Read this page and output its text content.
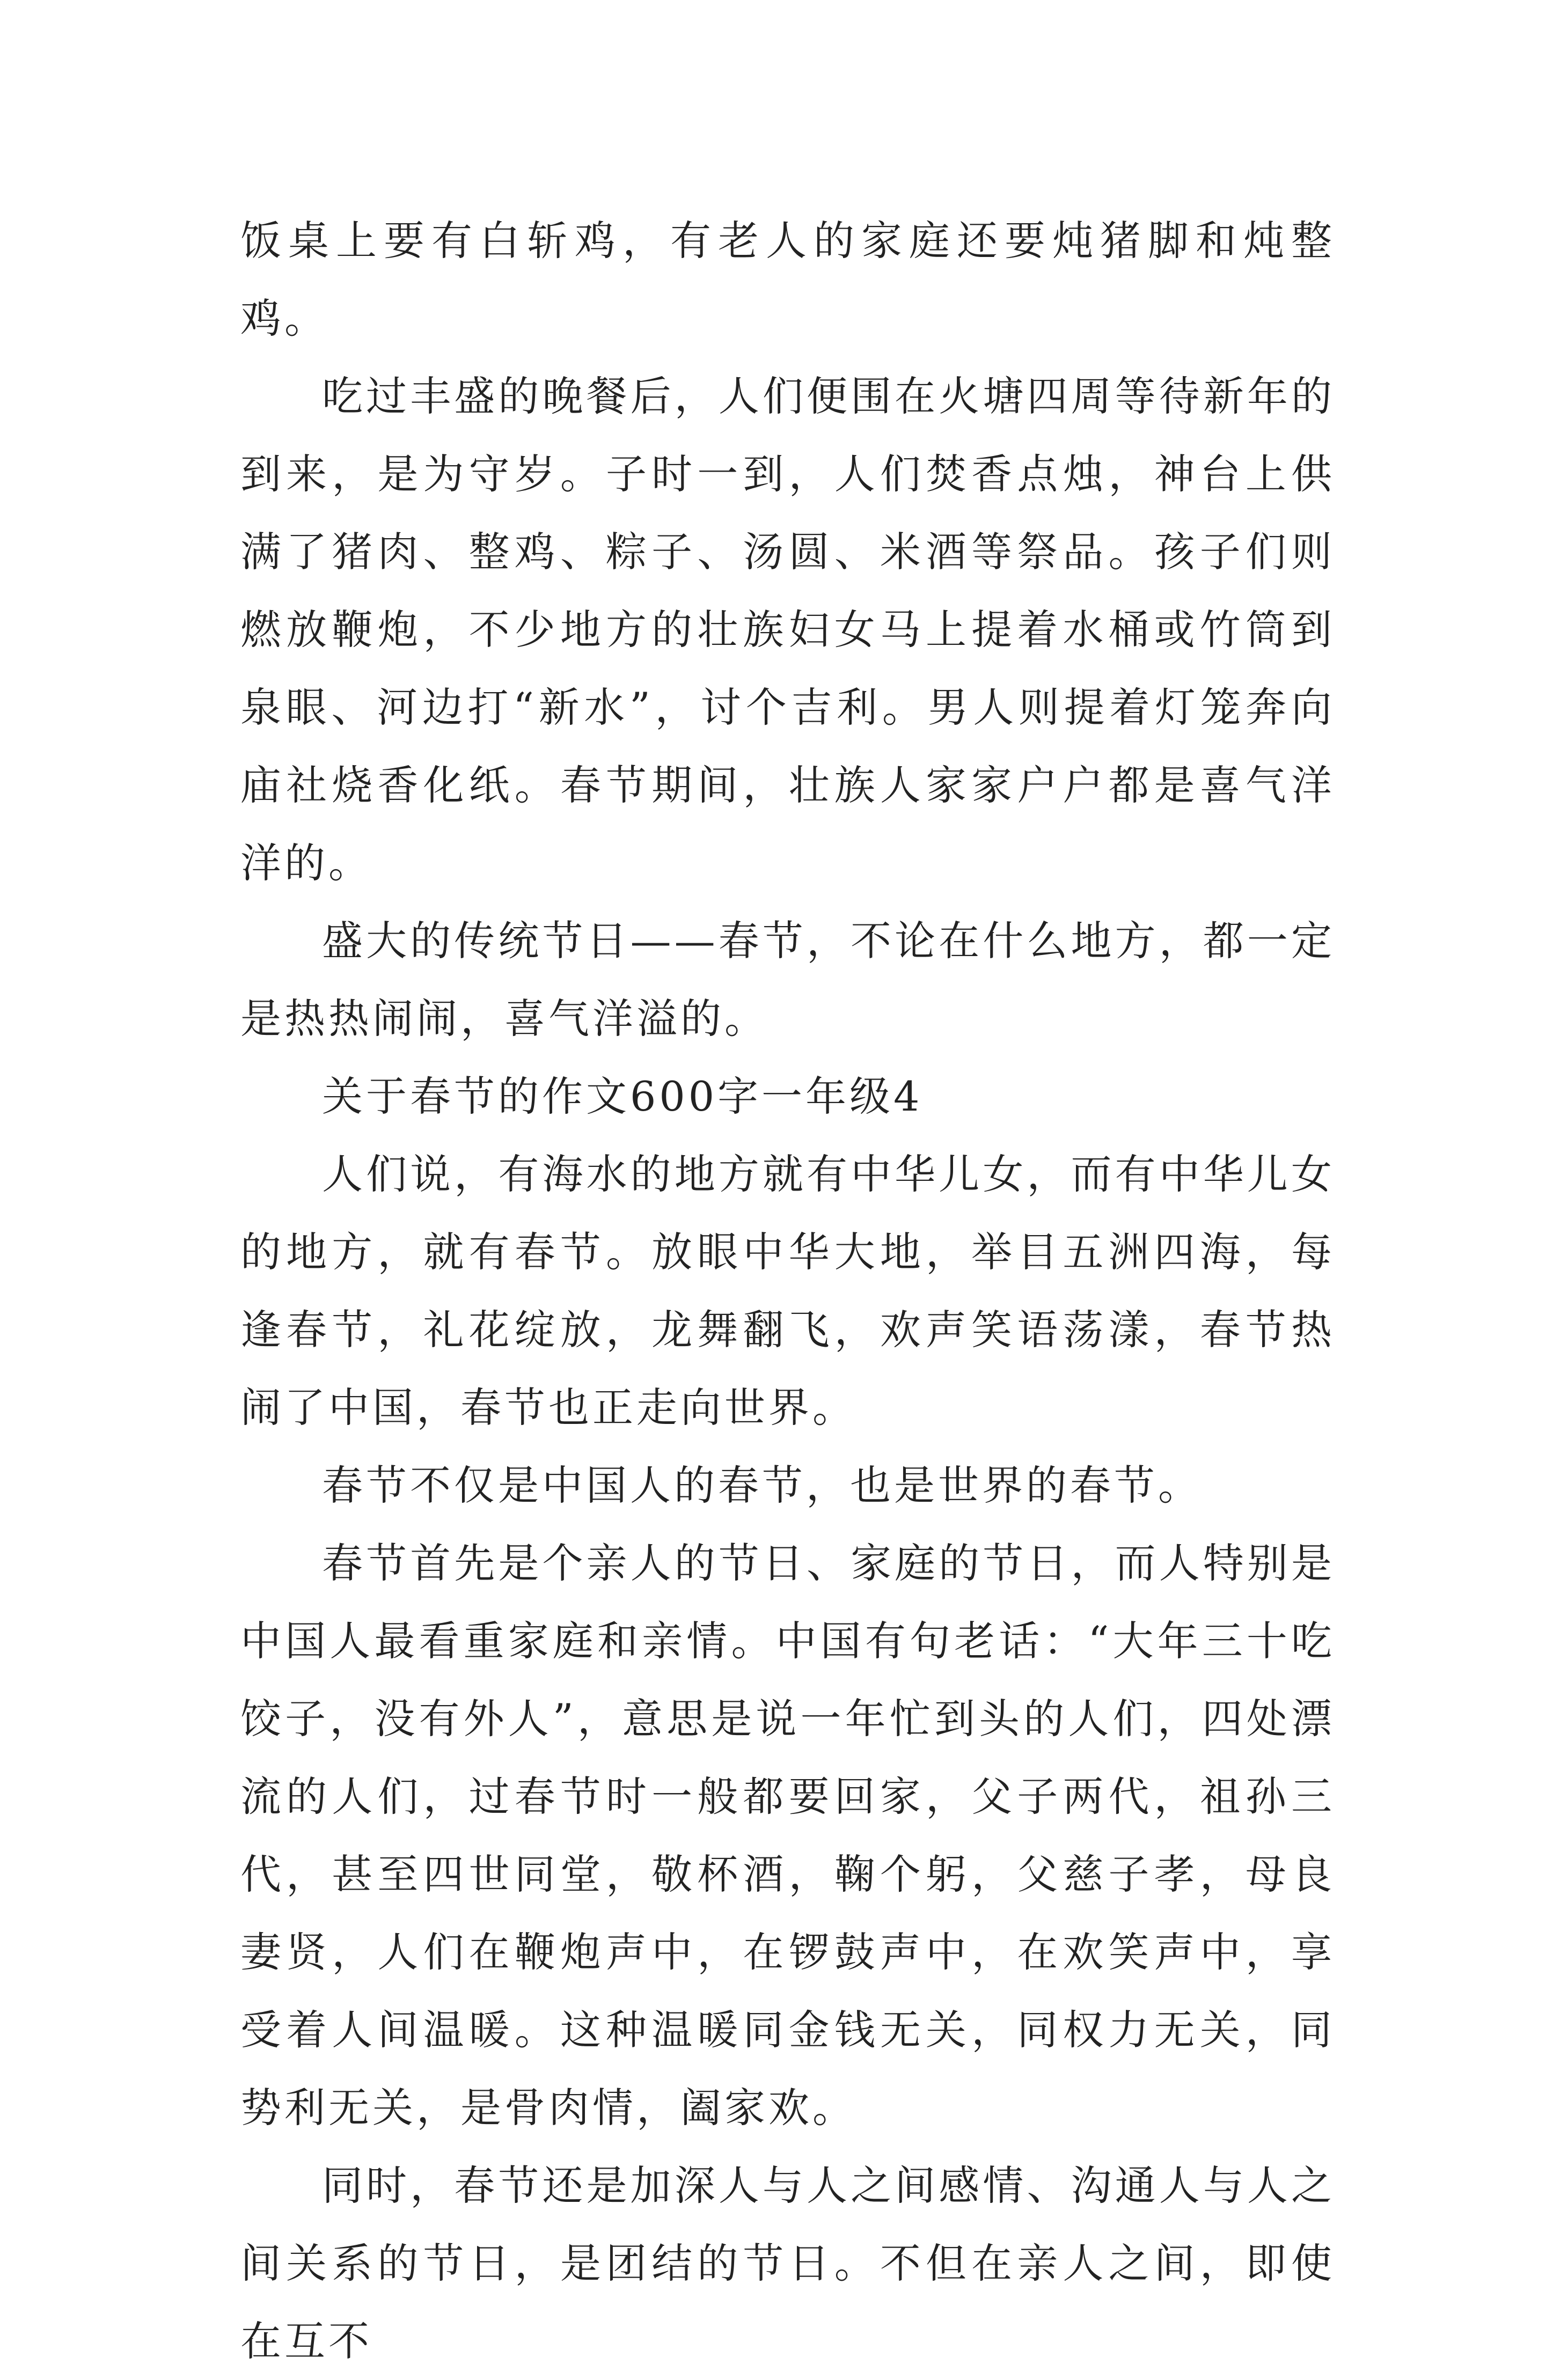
饭桌上要有白斩鸡，有老人的家庭还要炖猪脚和炖整鸡。

吃过丰盛的晚餐后，人们便围在火塘四周等待新年的到来，是为守岁。子时一到，人们焚香点烛，神台上供满了猪肉、整鸡、粽子、汤圆、米酒等祭品。孩子们则燃放鞭炮，不少地方的壮族妇女马上提着水桶或竹筒到泉眼、河边打“新水”，讨个吉利。男人则提着灯笼奔向庙社烧香化纸。春节期间，壮族人家家户户都是喜气洋洋的。

盛大的传统节日——春节，不论在什么地方，都一定是热热闹闹，喜气洋溢的。

关于春节的作文600字一年级4

人们说，有海水的地方就有中华儿女，而有中华儿女的地方，就有春节。放眼中华大地，举目五洲四海，每逢春节，礼花绽放，龙舞翻飞，欢声笑语荡漾，春节热闹了中国，春节也正走向世界。

春节不仅是中国人的春节，也是世界的春节。

春节首先是个亲人的节日、家庭的节日，而人特别是中国人最看重家庭和亲情。中国有句老话：“大年三十吃饺子，没有外人”，意思是说一年忙到头的人们，四处漂流的人们，过春节时一般都要回家，父子两代，祖孙三代，甚至四世同堂，敬杯酒，鞠个躬，父慈子孝，母良妻贤，人们在鞭炮声中，在锣鼓声中，在欢笑声中，享受着人间温暖。这种温暖同金钱无关，同权力无关，同势利无关，是骨肉情，阖家欢。

同时，春节还是加深人与人之间感情、沟通人与人之间关系的节日，是团结的节日。不但在亲人之间，即使在互不
